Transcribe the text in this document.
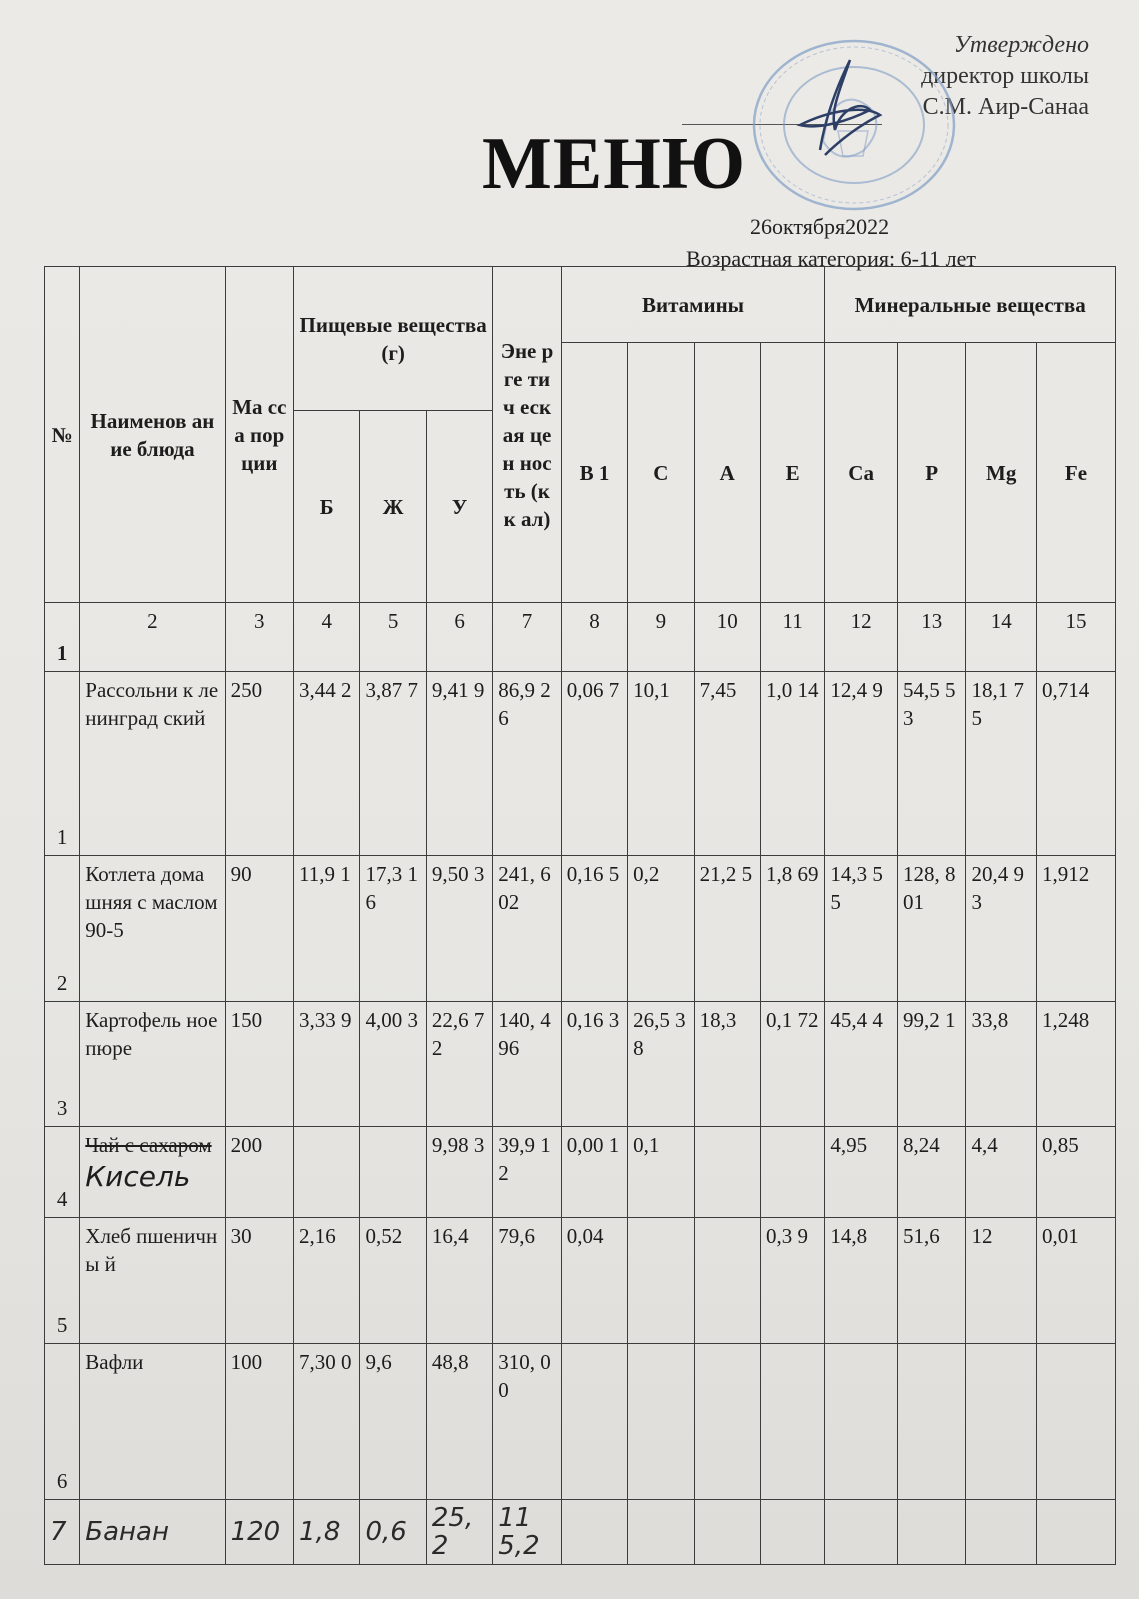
Утверждено
директор школы
С.М. Аир-Санаа
МЕНЮ
26октября2022
Возрастная категория: 6-11 лет
№	Наименов ание блюда	Ма сса пор ции	Пищевые вещества (г)			Эне рге тич еск ая цен нос ть (кк ал)	Витамины				Минеральные вещества			
							В 1	С	А	Е	Ca	P	Mg	Fe
			Б	Ж	У									
1	2	3	4	5	6	7	8	9	10	11	12	13	14	15
1	Рассольни к ленинград ский	250	3,44 2	3,87 7	9,41 9	86,9 26	0,06 7	10,1	7,45	1,0 14	12,4 9	54,5 53	18,1 75	0,714
2	Котлета домашняя с маслом 90-5	90	11,9 1	17,3 16	9,50 3	241, 602	0,16 5	0,2	21,2 5	1,8 69	14,3 55	128, 801	20,4 93	1,912
3	Картофель ное пюре	150	3,33 9	4,00 3	22,6 72	140, 496	0,16 3	26,5 38	18,3	0,1 72	45,4 4	99,2 1	33,8	1,248
4	Чай с сахаром
Кисель	200			9,98 3	39,9 12	0,00 1	0,1			4,95	8,24	4,4	0,85
5	Хлеб пшеничны й	30	2,16	0,52	16,4	79,6	0,04			0,3 9	14,8	51,6	12	0,01
6	Вафли	100	7,30 0	9,6	48,8	310, 00								
7	Банан	120	1,8	0,6	25,2	115,2								
